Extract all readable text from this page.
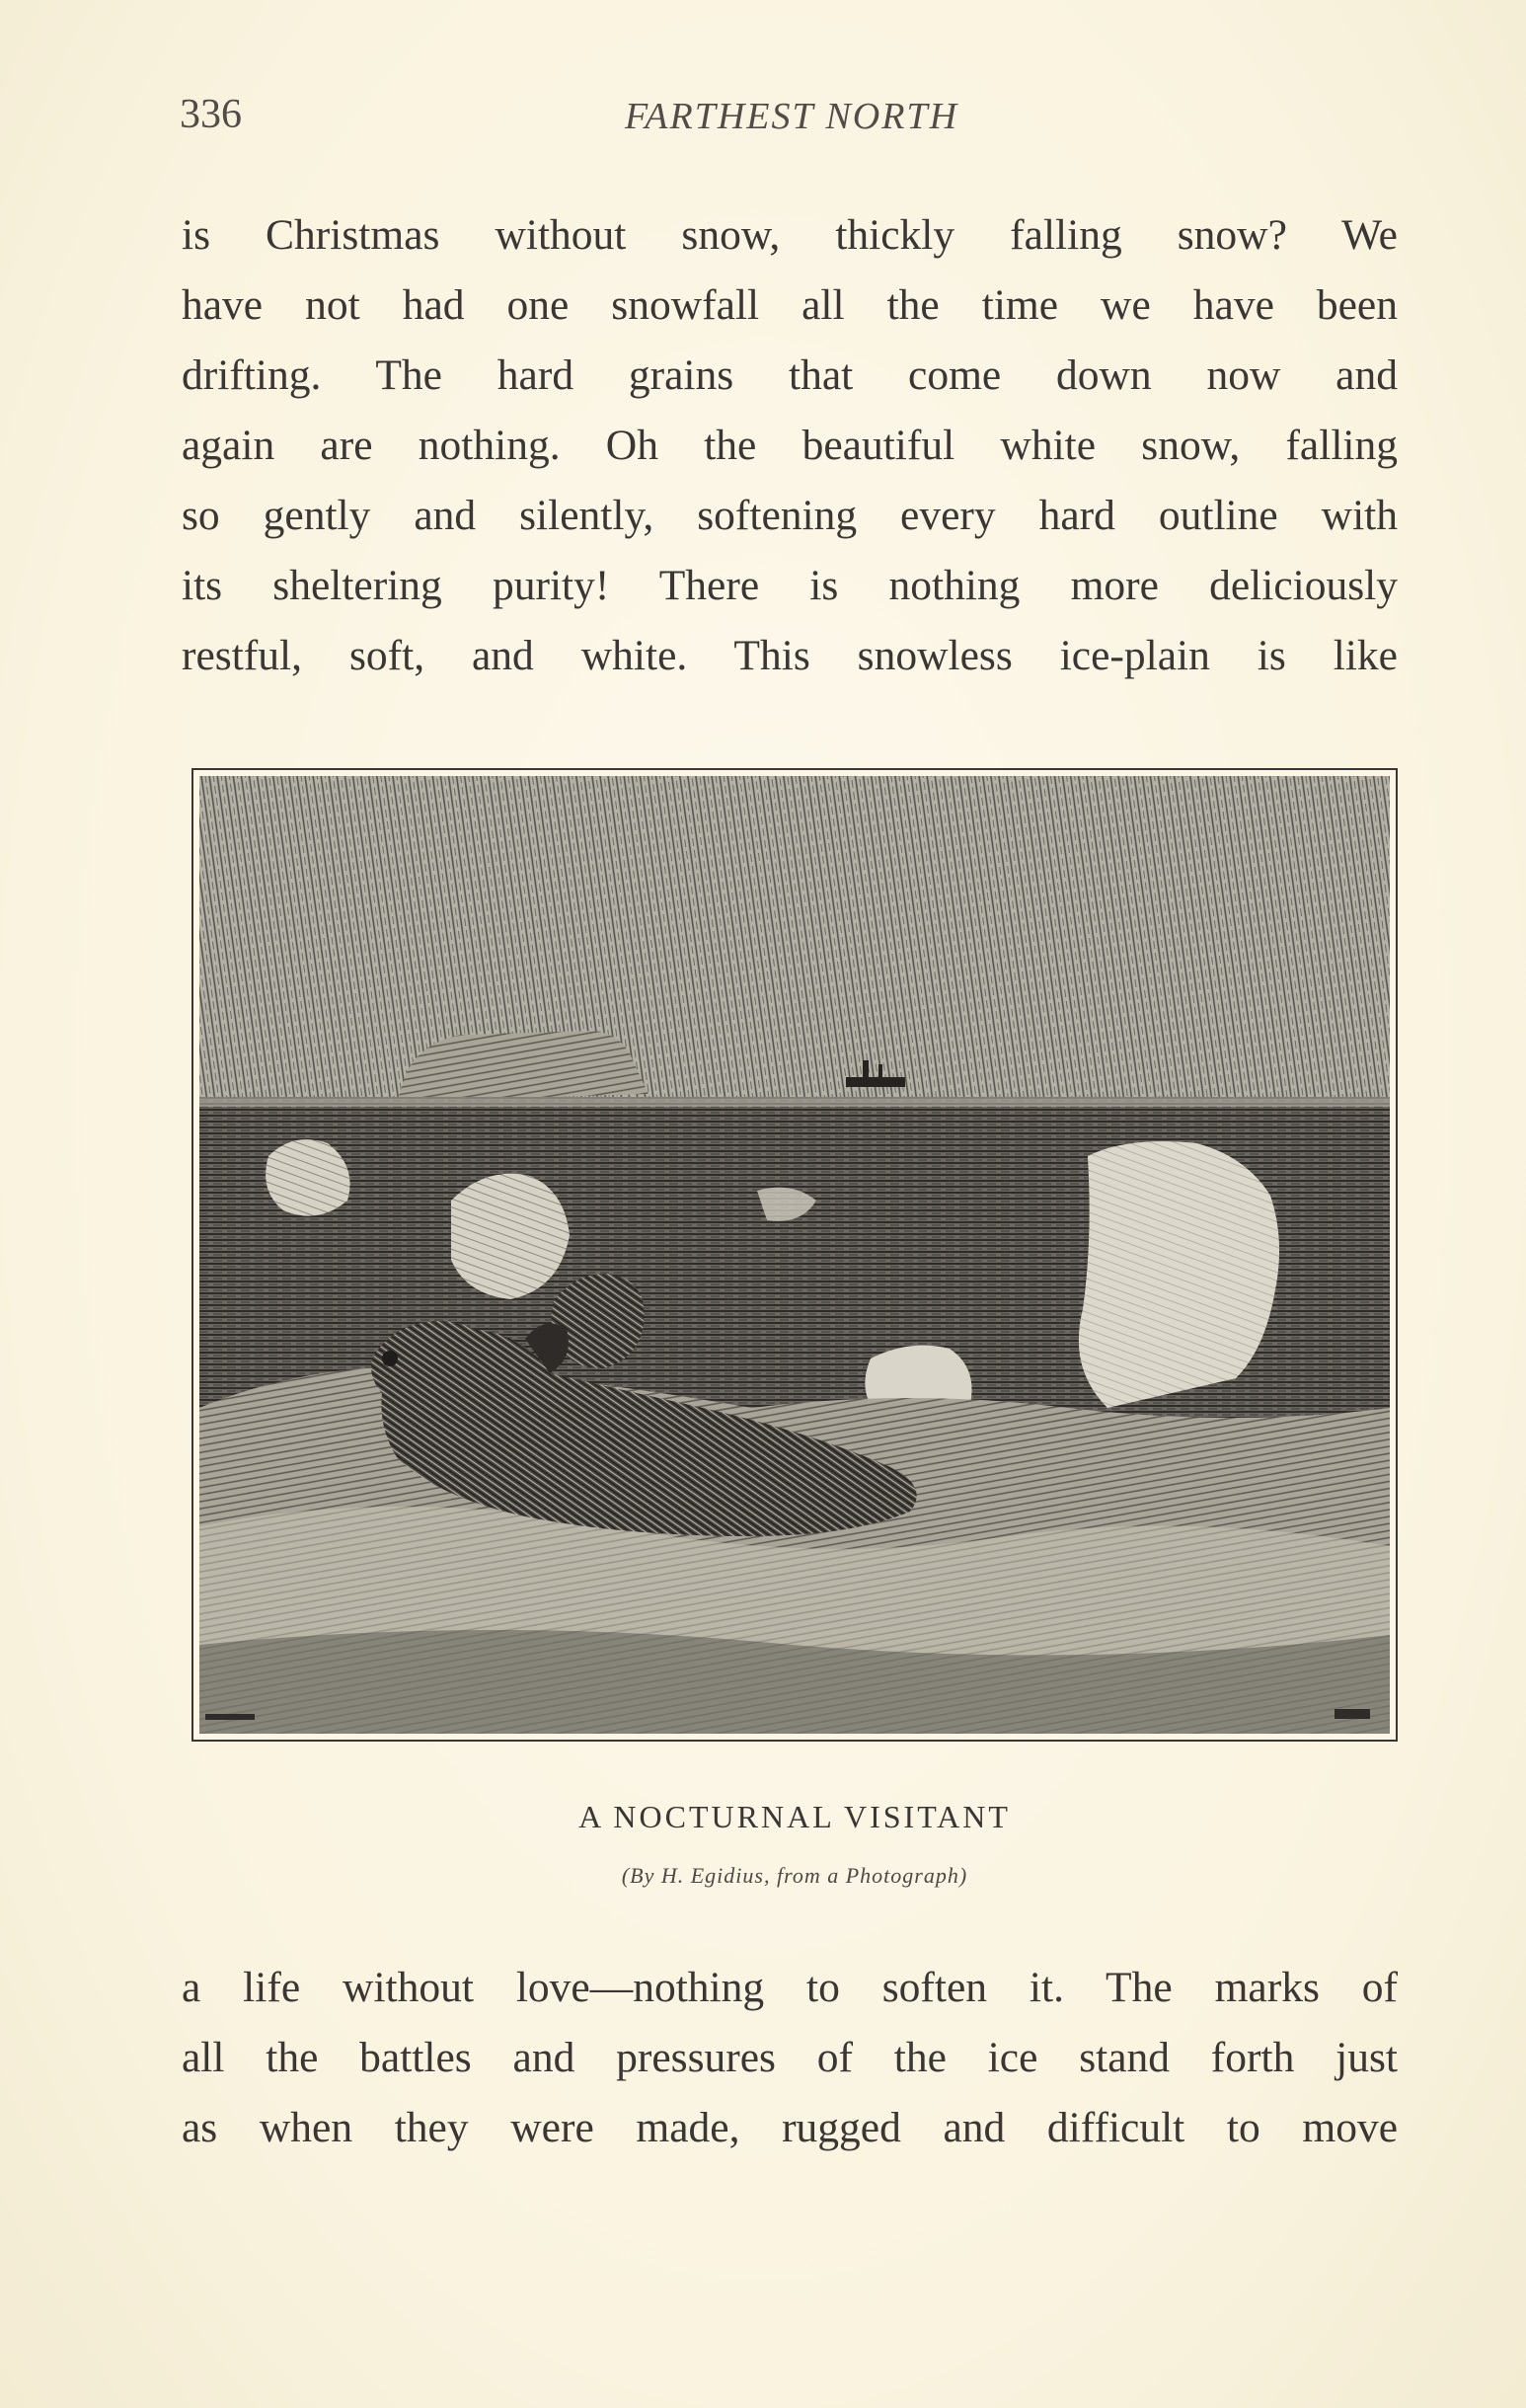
336	FARTHEST NORTH
is Christmas without snow, thickly falling snow? We
have not had one snowfall all the time we have been
drifting. The hard grains that come down now and
again are nothing. Oh the beautiful white snow, falling
so gently and silently, softening every hard outline with
its sheltering purity! There is nothing more deliciously
restful, soft, and white. This snowless ice-plain is like
A NOCTURNAL VISITANT
(By H. Egidius, from a Photograph)
a life without love—nothing to soften it. The marks of
all the battles and pressures of the ice stand forth just
as when they were made, rugged and difficult to move
